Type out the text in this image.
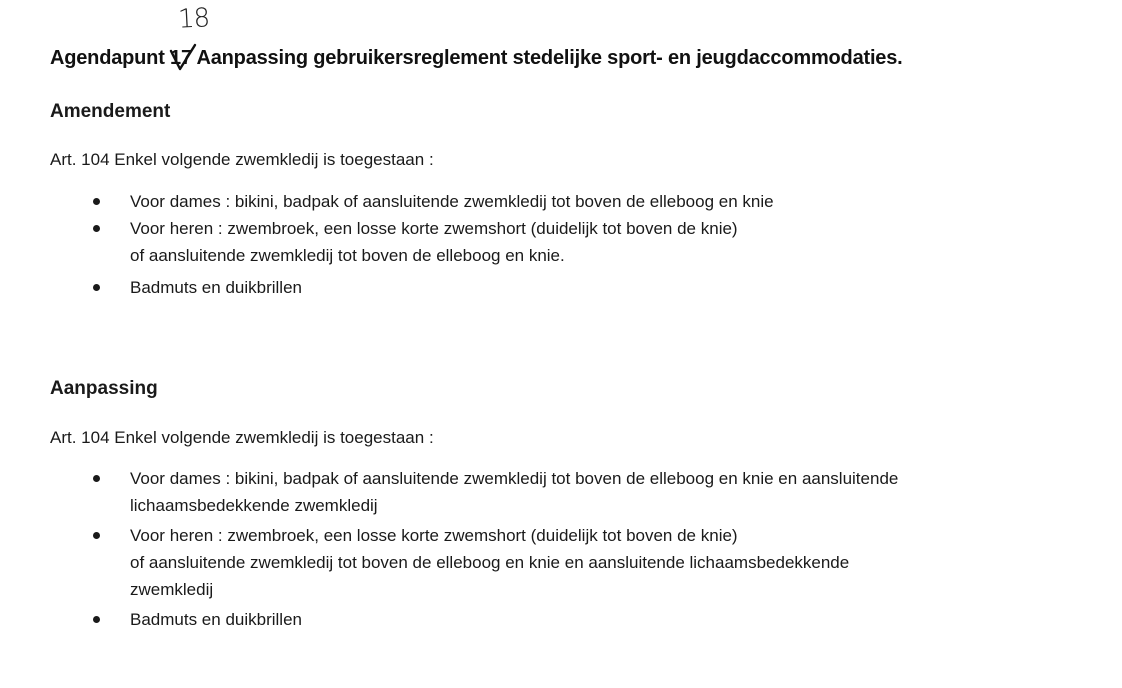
18
Agendapunt 17 Aanpassing gebruikersreglement stedelijke sport- en jeugdaccommodaties.
Amendement
Art. 104 Enkel volgende zwemkledij is toegestaan :
Voor dames : bikini, badpak of aansluitende zwemkledij tot boven de elleboog en knie
Voor heren : zwembroek, een losse korte zwemshort (duidelijk tot boven de knie)
of aansluitende zwemkledij tot boven de elleboog en knie.
Badmuts en duikbrillen
Aanpassing
Art. 104 Enkel volgende zwemkledij is toegestaan :
Voor dames : bikini, badpak of aansluitende zwemkledij tot boven de elleboog en knie en aansluitende
lichaamsbedekkende zwemkledij
Voor heren : zwembroek, een losse korte zwemshort (duidelijk tot boven de knie)
of aansluitende zwemkledij tot boven de elleboog en knie en aansluitende lichaamsbedekkende
zwemkledij
Badmuts en duikbrillen
